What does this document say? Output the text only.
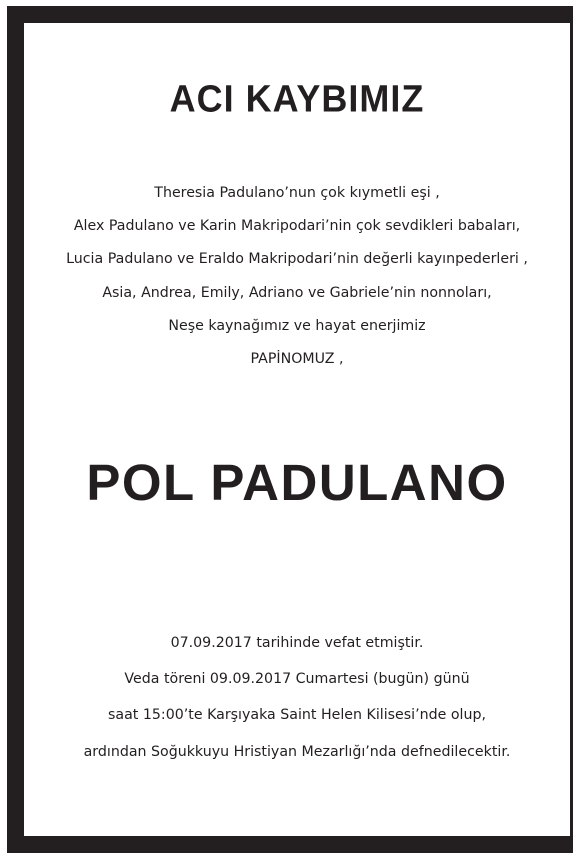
ACI KAYBIMIZ
Theresia Padulano’nun çok kıymetli eşi ,
Alex Padulano ve Karin Makripodari’nin çok sevdikleri babaları,
Lucia Padulano ve Eraldo Makripodari’nin değerli kayınpederleri ,
Asia, Andrea, Emily, Adriano ve Gabriele’nin nonnoları,
Neşe kaynağımız ve hayat enerjimiz
PAPİNOMUZ ,
POL PADULANO
07.09.2017 tarihinde vefat etmiştir.
Veda töreni 09.09.2017 Cumartesi (bugün) günü
saat 15:00’te Karşıyaka Saint Helen Kilisesi’nde olup,
ardından Soğukkuyu Hristiyan Mezarlığı’nda defnedilecektir.
